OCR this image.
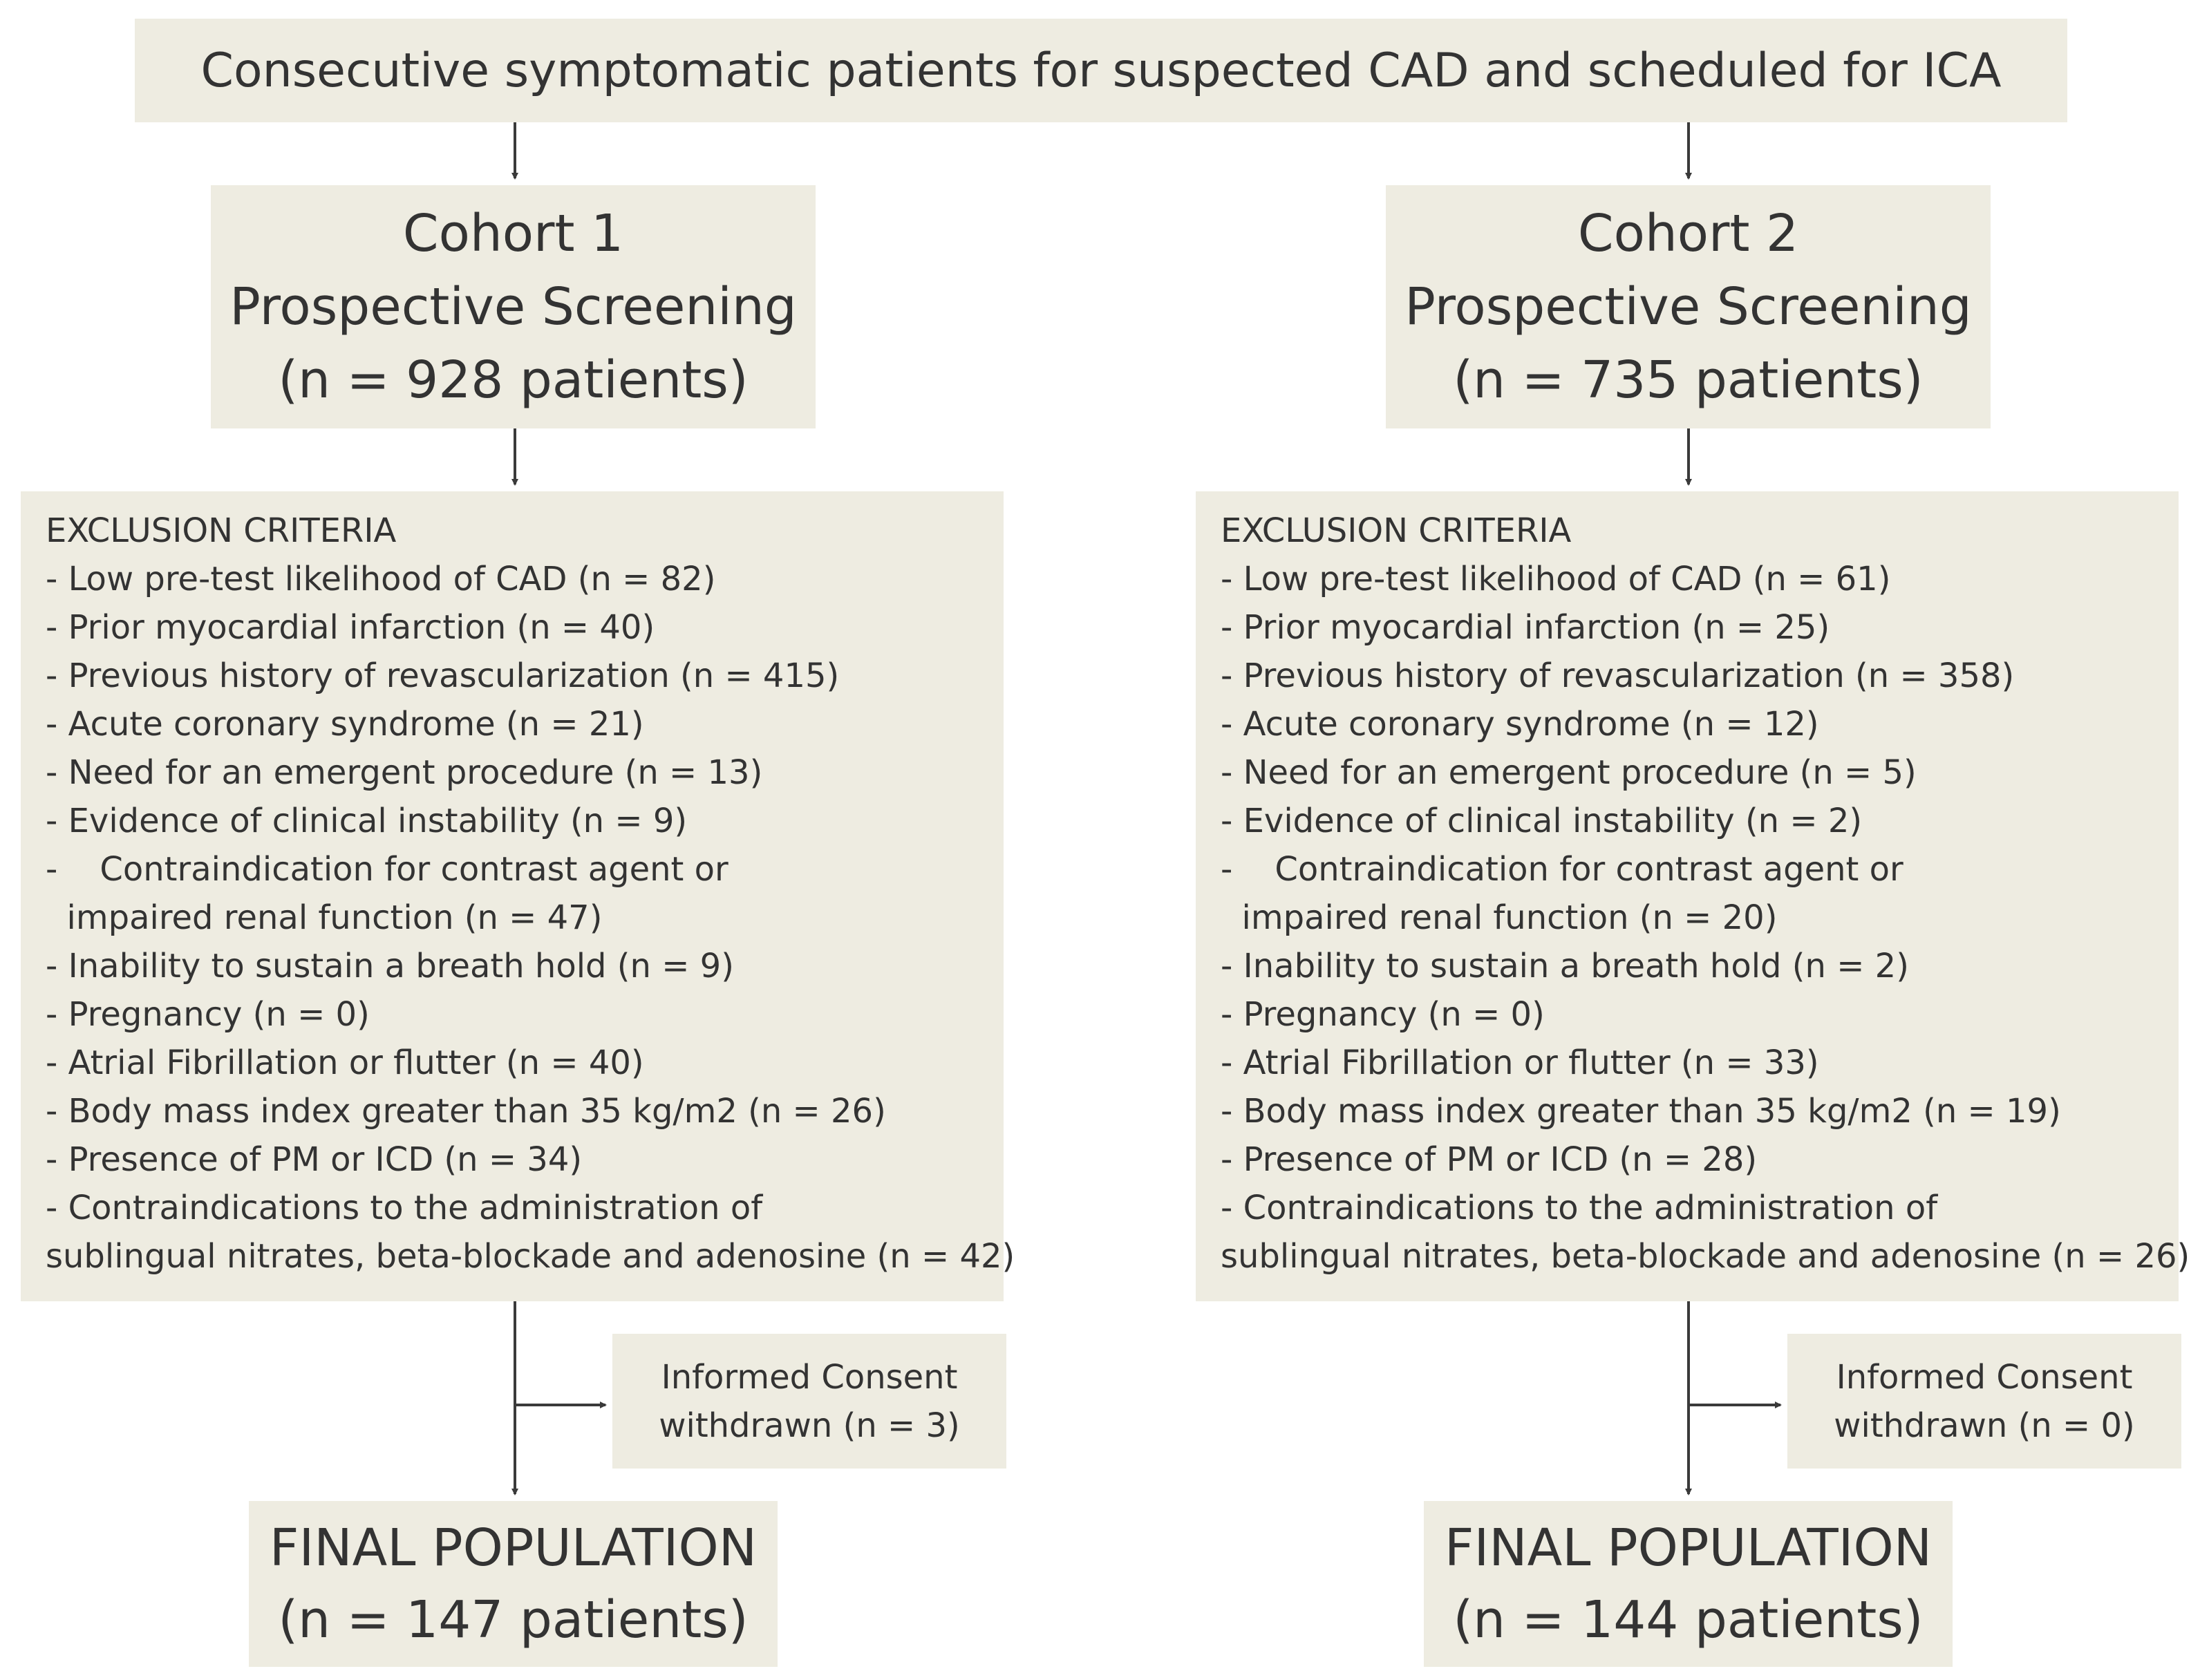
Consecutive symptomatic patients for suspected CAD and scheduled for ICA
Cohort 1
Prospective Screening
(n = 928 patients)
Cohort 2
Prospective Screening
(n = 735 patients)
EXCLUSION CRITERIA
- Low pre-test likelihood of CAD (n = 82)
- Prior myocardial infarction (n = 40)
- Previous history of revascularization (n = 415)
- Acute coronary syndrome (n = 21)
- Need for an emergent procedure (n = 13)
- Evidence of clinical instability (n = 9)
-    Contraindication for contrast agent or
impaired renal function (n = 47)
- Inability to sustain a breath hold (n = 9)
- Pregnancy (n = 0)
- Atrial Fibrillation or flutter (n = 40)
- Body mass index greater than 35 kg/m2 (n = 26)
- Presence of PM or ICD (n = 34)
- Contraindications to the administration of
sublingual nitrates, beta-blockade and adenosine (n = 42)
EXCLUSION CRITERIA
- Low pre-test likelihood of CAD (n = 61)
- Prior myocardial infarction (n = 25)
- Previous history of revascularization (n = 358)
- Acute coronary syndrome (n = 12)
- Need for an emergent procedure (n = 5)
- Evidence of clinical instability (n = 2)
-    Contraindication for contrast agent or
impaired renal function (n = 20)
- Inability to sustain a breath hold (n = 2)
- Pregnancy (n = 0)
- Atrial Fibrillation or flutter (n = 33)
- Body mass index greater than 35 kg/m2 (n = 19)
- Presence of PM or ICD (n = 28)
- Contraindications to the administration of
sublingual nitrates, beta-blockade and adenosine (n = 26)
Informed Consent
withdrawn (n = 3)
Informed Consent
withdrawn (n = 0)
FINAL POPULATION
(n = 147 patients)
FINAL POPULATION
(n = 144 patients)
